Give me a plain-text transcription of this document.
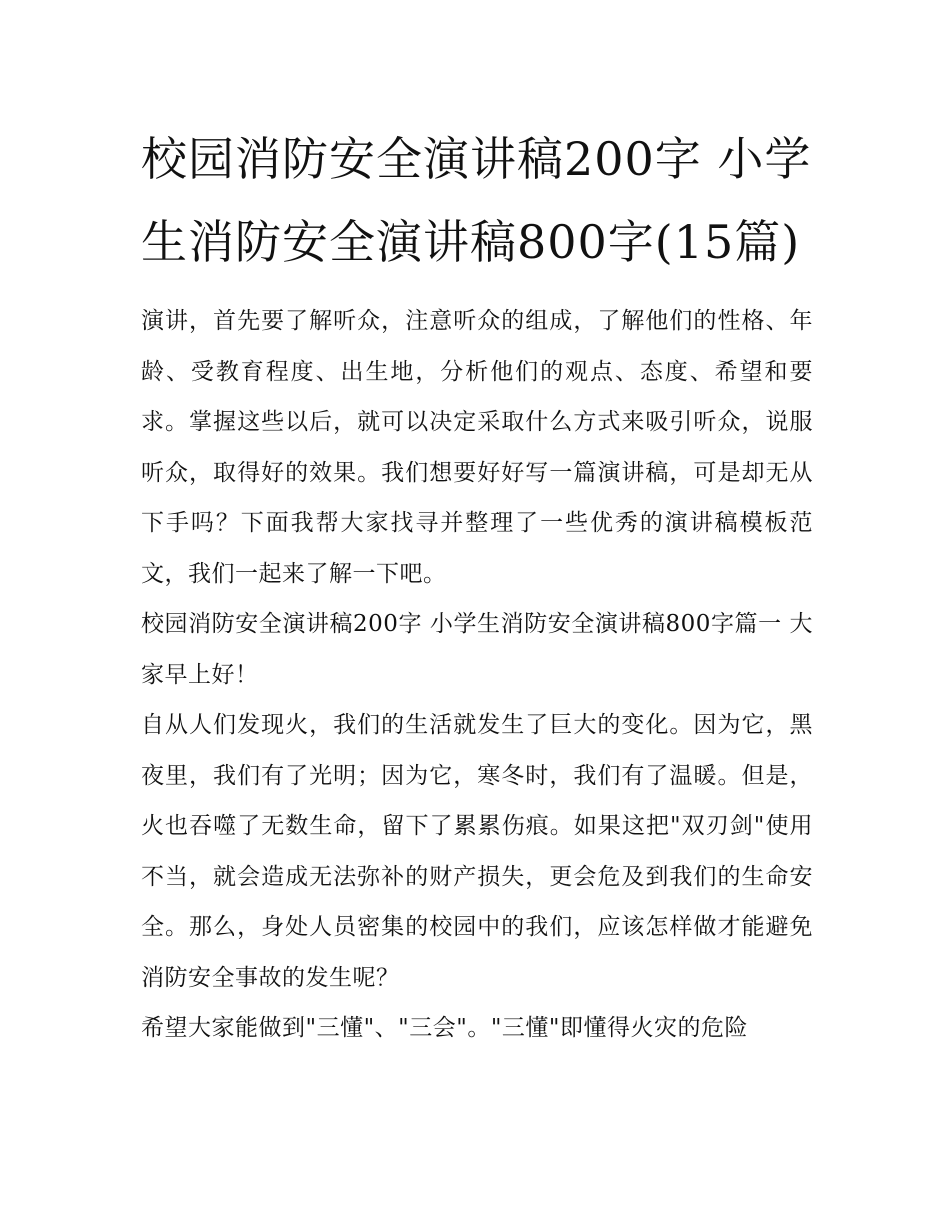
校园消防安全演讲稿200字 小学生消防安全演讲稿800字(15篇)

演讲，首先要了解听众，注意听众的组成，了解他们的性格、年龄、受教育程度、出生地，分析他们的观点、态度、希望和要求。掌握这些以后，就可以决定采取什么方式来吸引听众，说服听众，取得好的效果。我们想要好好写一篇演讲稿，可是却无从下手吗？下面我帮大家找寻并整理了一些优秀的演讲稿模板范文，我们一起来了解一下吧。

校园消防安全演讲稿200字 小学生消防安全演讲稿800字篇一 大家早上好！

自从人们发现火，我们的生活就发生了巨大的变化。因为它，黑夜里，我们有了光明；因为它，寒冬时，我们有了温暖。但是，火也吞噬了无数生命，留下了累累伤痕。如果这把"双刃剑"使用不当，就会造成无法弥补的财产损失，更会危及到我们的生命安全。那么，身处人员密集的校园中的我们，应该怎样做才能避免消防安全事故的发生呢？

希望大家能做到"三懂"、"三会"。"三懂"即懂得火灾的危险
